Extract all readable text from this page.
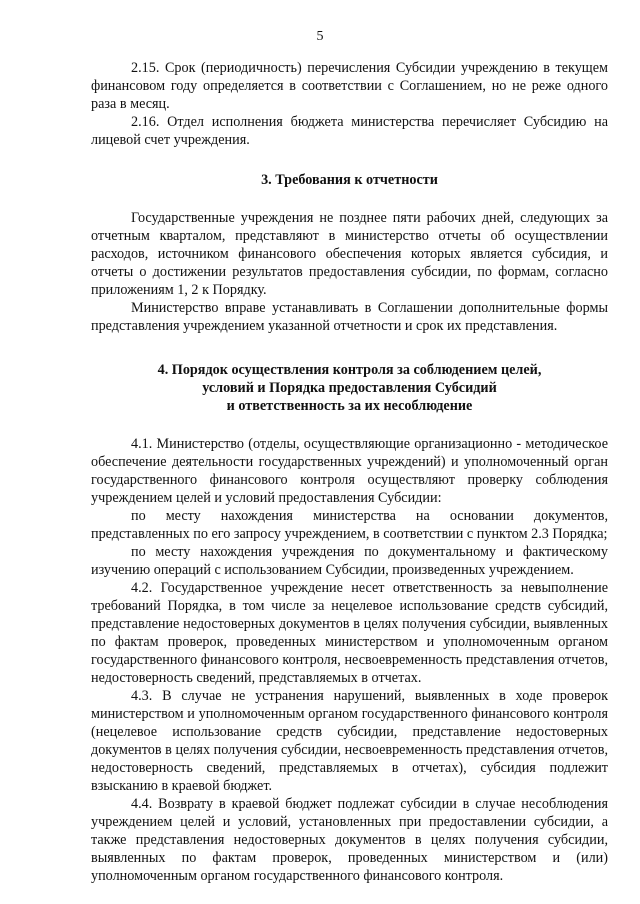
5

2.15. Срок (периодичность) перечисления Субсидии учреждению в текущем финансовом году определяется в соответствии с Соглашением, но не реже одного раза в месяц.

2.16. Отдел исполнения бюджета министерства перечисляет Субсидию на лицевой счет учреждения.

3. Требования к отчетности

Государственные учреждения не позднее пяти рабочих дней, следующих за отчетным кварталом, представляют в министерство отчеты об осуществлении расходов, источником финансового обеспечения которых является субсидия, и отчеты о достижении результатов предоставления субсидии, по формам, согласно приложениям 1, 2 к Порядку.

Министерство вправе устанавливать в Соглашении дополнительные формы представления учреждением указанной отчетности и срок их представления.

4. Порядок осуществления контроля за соблюдением целей,
условий и Порядка предоставления Субсидий
и ответственность за их несоблюдение

4.1. Министерство (отделы, осуществляющие организационно - методическое обеспечение деятельности государственных учреждений) и уполномоченный орган государственного финансового контроля осуществляют проверку соблюдения учреждением целей и условий предоставления Субсидии:

по месту нахождения министерства на основании документов, представленных по его запросу учреждением, в соответствии с пунктом 2.3 Порядка;

по месту нахождения учреждения по документальному и фактическому изучению операций с использованием Субсидии, произведенных учреждением.

4.2. Государственное учреждение несет ответственность за невыполнение требований Порядка, в том числе за нецелевое использование средств субсидий, представление недостоверных документов в целях получения субсидии, выявленных по фактам проверок, проведенных министерством и уполномоченным органом государственного финансового контроля, несвоевременность представления отчетов, недостоверность сведений, представляемых в отчетах.

4.3. В случае не устранения нарушений, выявленных в ходе проверок министерством и уполномоченным органом государственного финансового контроля (нецелевое использование средств субсидии, представление недостоверных документов в целях получения субсидии, несвоевременность представления отчетов, недостоверность сведений, представляемых в отчетах), субсидия подлежит взысканию в краевой бюджет.

4.4. Возврату в краевой бюджет подлежат субсидии в случае несоблюдения учреждением целей и условий, установленных при предоставлении субсидии, а также представления недостоверных документов в целях получения субсидии, выявленных по фактам проверок, проведенных министерством и (или) уполномоченным органом государственного финансового контроля.
